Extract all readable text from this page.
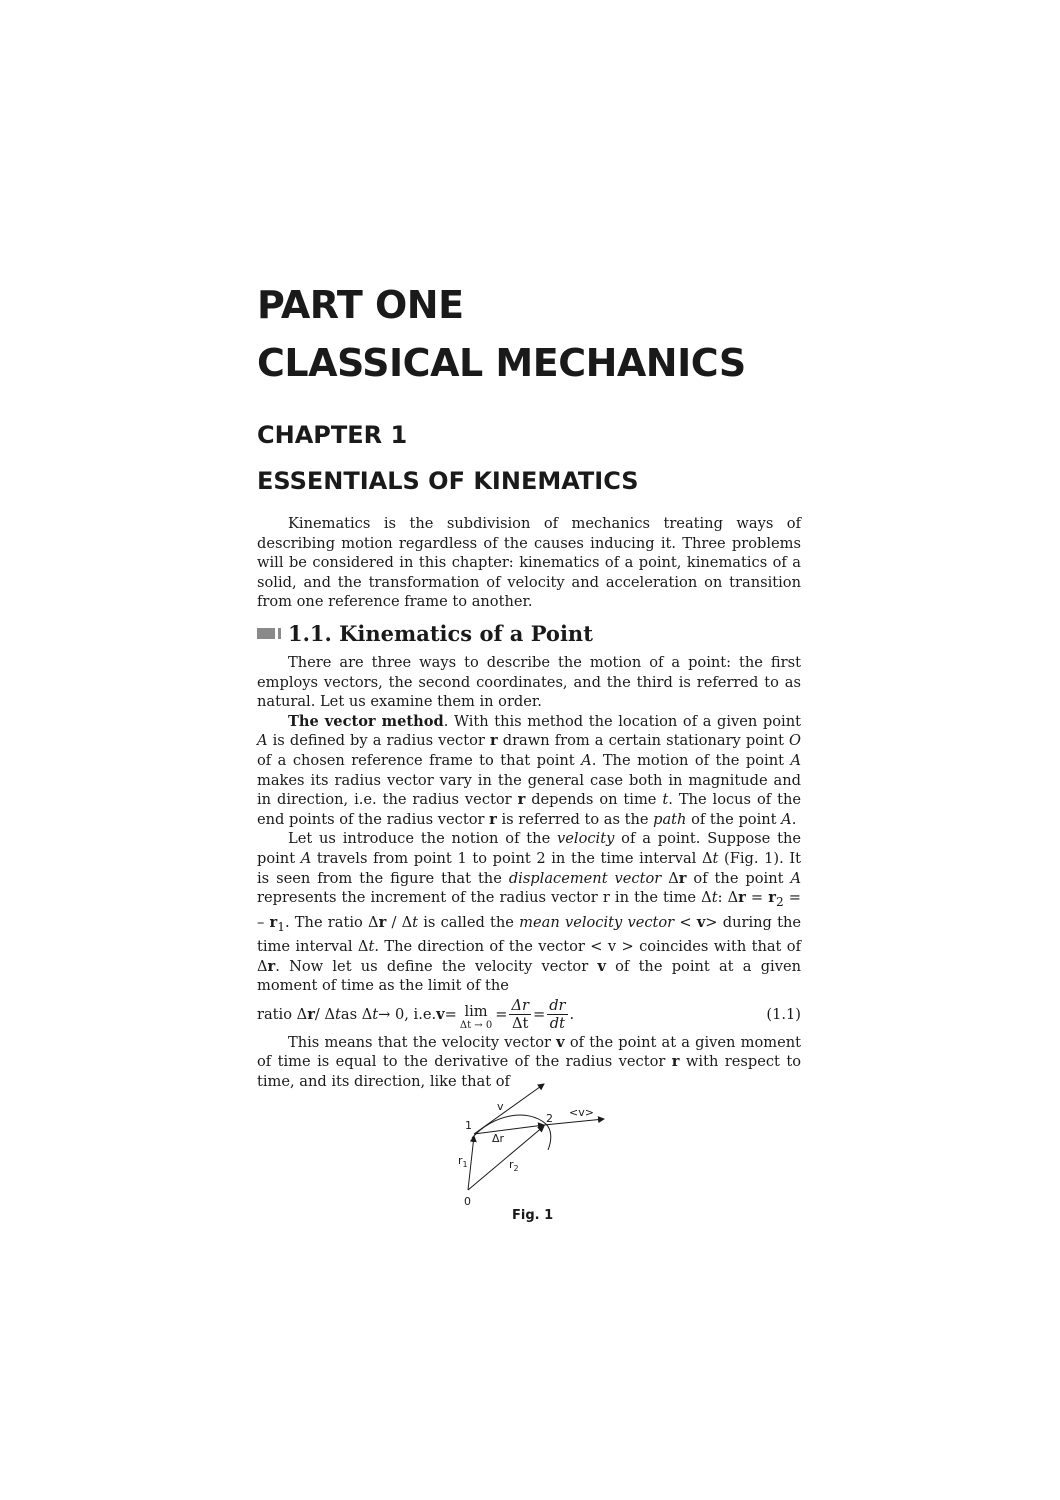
PART ONE
CLASSICAL MECHANICS
CHAPTER 1
ESSENTIALS OF KINEMATICS

Kinematics is the subdivision of mechanics treating ways of describing motion regardless of the causes inducing it. Three problems will be considered in this chapter: kinematics of a point, kinematics of a solid, and the transformation of velocity and acceleration on transition from one reference frame to another.

1.1. Kinematics of a Point

There are three ways to describe the motion of a point: the first employs vectors, the second coordinates, and the third is referred to as natural. Let us examine them in order.

The vector method. With this method the location of a given point A is defined by a radius vector r drawn from a certain stationary point O of a chosen reference frame to that point A. The motion of the point A makes its radius vector vary in the general case both in magnitude and in direction, i.e. the radius vector r depends on time t. The locus of the end points of the radius vector r is referred to as the path of the point A.

Let us introduce the notion of the velocity of a point. Suppose the point A travels from point 1 to point 2 in the time interval Δt (Fig. 1). It is seen from the figure that the displacement vector Δr of the point A represents the increment of the radius vector r in the time Δt: $\Delta r = r_2$ = – $r_1$. The ratio Δr / Δt is called the mean velocity vector < v> during the time interval Δt. The direction of the vector < v > coincides with that of Δr. Now let us define the velocity vector v of the point at a given moment of time as the limit of the

ratio
Δ r / Δ t as Δ t → 0, i.e. v = lim
Δt → 0
= $\frac{\Delta r}{\Delta t} = \frac{dr}{dt}$ .	(1.1)

This means that the velocity vector v of the point at a given moment of time is equal to the derivative of the radius vector r with respect to time, and its direction, like that of

v
1
2 <v>
Δr
$r_1$	$r_2$
0

Fig. 1
